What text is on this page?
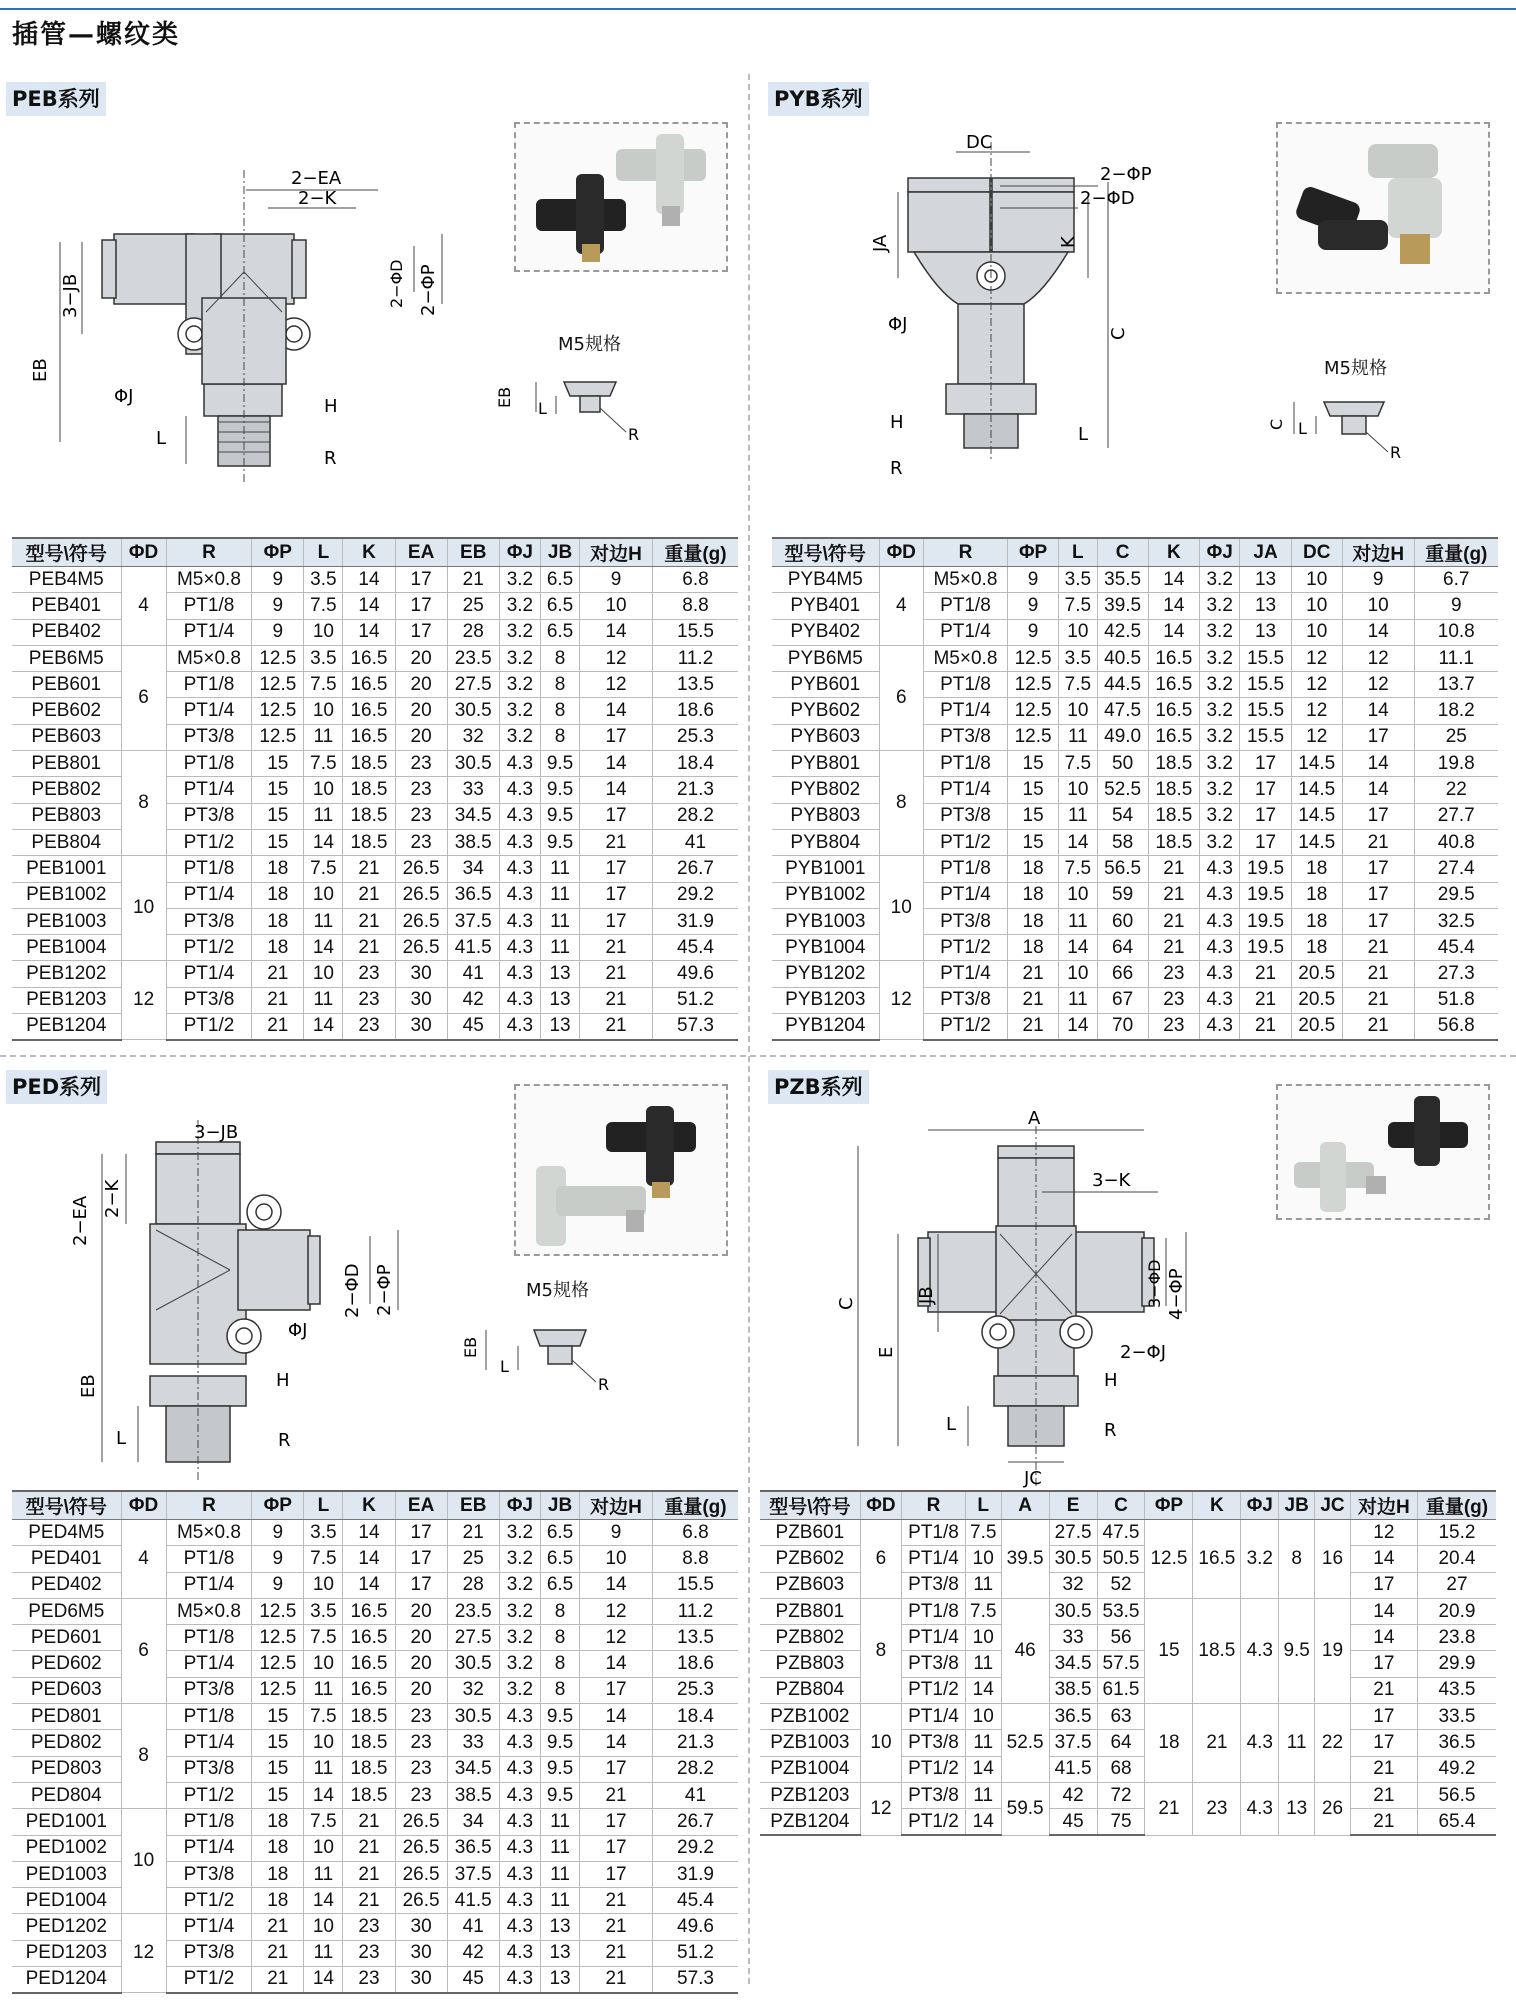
插管—螺纹类
PEB系列
2−EA
2−K
3−JB
EB
2−ΦD 2−ΦP
ΦJ	H
L
R
M5规格
EB
L
R
型号\符号	ΦD	R	ΦP	L	K	EA	EB	ΦJ	JB	对边H	重量(g)
PEB4M5	4	M5×0.8	9	3.5	14	17	21	3.2	6.5	9	6.8
PEB401		PT1/8	9	7.5	14	17	25	3.2	6.5	10	8.8
PEB402		PT1/4	9	10	14	17	28	3.2	6.5	14	15.5
PEB6M5	6	M5×0.8	12.5	3.5	16.5	20	23.5	3.2	8	12	11.2
PEB601		PT1/8	12.5	7.5	16.5	20	27.5	3.2	8	12	13.5
PEB602		PT1/4	12.5	10	16.5	20	30.5	3.2	8	14	18.6
PEB603		PT3/8	12.5	11	16.5	20	32	3.2	8	17	25.3
PEB801	8	PT1/8	15	7.5	18.5	23	30.5	4.3	9.5	14	18.4
PEB802		PT1/4	15	10	18.5	23	33	4.3	9.5	14	21.3
PEB803		PT3/8	15	11	18.5	23	34.5	4.3	9.5	17	28.2
PEB804		PT1/2	15	14	18.5	23	38.5	4.3	9.5	21	41
PEB1001	10	PT1/8	18	7.5	21	26.5	34	4.3	11	17	26.7
PEB1002		PT1/4	18	10	21	26.5	36.5	4.3	11	17	29.2
PEB1003		PT3/8	18	11	21	26.5	37.5	4.3	11	17	31.9
PEB1004		PT1/2	18	14	21	26.5	41.5	4.3	11	21	45.4
PEB1202	12	PT1/4	21	10	23	30	41	4.3	13	21	49.6
PEB1203		PT3/8	21	11	23	30	42	4.3	13	21	51.2
PEB1204		PT1/2	21	14	23	30	45	4.3	13	21	57.3
PYB系列
DC
2−ΦP
2−ΦD
JA	K
C
ΦJ
H
L
R
M5规格
C L
R
型号\符号	ΦD	R	ΦP	L	C	K	ΦJ	JA	DC	对边H	重量(g)
PYB4M5	4	M5×0.8	9	3.5	35.5	14	3.2	13	10	9	6.7
PYB401		PT1/8	9	7.5	39.5	14	3.2	13	10	10	9
PYB402		PT1/4	9	10	42.5	14	3.2	13	10	14	10.8
PYB6M5	6	M5×0.8	12.5	3.5	40.5	16.5	3.2	15.5	12	12	11.1
PYB601		PT1/8	12.5	7.5	44.5	16.5	3.2	15.5	12	12	13.7
PYB602		PT1/4	12.5	10	47.5	16.5	3.2	15.5	12	14	18.2
PYB603		PT3/8	12.5	11	49.0	16.5	3.2	15.5	12	17	25
PYB801	8	PT1/8	15	7.5	50	18.5	3.2	17	14.5	14	19.8
PYB802		PT1/4	15	10	52.5	18.5	3.2	17	14.5	14	22
PYB803		PT3/8	15	11	54	18.5	3.2	17	14.5	17	27.7
PYB804		PT1/2	15	14	58	18.5	3.2	17	14.5	21	40.8
PYB1001	10	PT1/8	18	7.5	56.5	21	4.3	19.5	18	17	27.4
PYB1002		PT1/4	18	10	59	21	4.3	19.5	18	17	29.5
PYB1003		PT3/8	18	11	60	21	4.3	19.5	18	17	32.5
PYB1004		PT1/2	18	14	64	21	4.3	19.5	18	21	45.4
PYB1202	12	PT1/4	21	10	66	23	4.3	21	20.5	21	27.3
PYB1203		PT3/8	21	11	67	23	4.3	21	20.5	21	51.8
PYB1204		PT1/2	21	14	70	23	4.3	21	20.5	21	56.8
PED系列
3−JB
2−EA 2−K
2−ΦD 2−ΦP
ΦJ
EB	H
L	R
M5规格
EB
L
R
型号\符号	ΦD	R	ΦP	L	K	EA	EB	ΦJ	JB	对边H	重量(g)
PED4M5	4	M5×0.8	9	3.5	14	17	21	3.2	6.5	9	6.8
PED401		PT1/8	9	7.5	14	17	25	3.2	6.5	10	8.8
PED402		PT1/4	9	10	14	17	28	3.2	6.5	14	15.5
PED6M5	6	M5×0.8	12.5	3.5	16.5	20	23.5	3.2	8	12	11.2
PED601		PT1/8	12.5	7.5	16.5	20	27.5	3.2	8	12	13.5
PED602		PT1/4	12.5	10	16.5	20	30.5	3.2	8	14	18.6
PED603		PT3/8	12.5	11	16.5	20	32	3.2	8	17	25.3
PED801	8	PT1/8	15	7.5	18.5	23	30.5	4.3	9.5	14	18.4
PED802		PT1/4	15	10	18.5	23	33	4.3	9.5	14	21.3
PED803		PT3/8	15	11	18.5	23	34.5	4.3	9.5	17	28.2
PED804		PT1/2	15	14	18.5	23	38.5	4.3	9.5	21	41
PED1001	10	PT1/8	18	7.5	21	26.5	34	4.3	11	17	26.7
PED1002		PT1/4	18	10	21	26.5	36.5	4.3	11	17	29.2
PED1003		PT3/8	18	11	21	26.5	37.5	4.3	11	17	31.9
PED1004		PT1/2	18	14	21	26.5	41.5	4.3	11	21	45.4
PED1202	12	PT1/4	21	10	23	30	41	4.3	13	21	49.6
PED1203		PT3/8	21	11	23	30	42	4.3	13	21	51.2
PED1204		PT1/2	21	14	23	30	45	4.3	13	21	57.3
PZB系列
A
3−K
3−ΦD 4−ΦP
C	JB
E	2−ΦJ
H
L	R
JC
型号\符号	ΦD	R	L	A	E	C	ΦP	K	ΦJ	JB	JC	对边H	重量(g)
PZB601	6	PT1/8	7.5	39.5	27.5	47.5	12.5	16.5	3.2	8	16	12	15.2
PZB602		PT1/4	10		30.5	50.5						14	20.4
PZB603		PT3/8	11		32	52						17	27
PZB801	8	PT1/8	7.5	46	30.5	53.5	15	18.5	4.3	9.5	19	14	20.9
PZB802		PT1/4	10		33	56						14	23.8
PZB803		PT3/8	11		34.5	57.5						17	29.9
PZB804		PT1/2	14		38.5	61.5						21	43.5
PZB1002	10	PT1/4	10	52.5	36.5	63	18	21	4.3	11	22	17	33.5
PZB1003		PT3/8	11		37.5	64						17	36.5
PZB1004		PT1/2	14		41.5	68						21	49.2
PZB1203	12	PT3/8	11	59.5	42	72	21	23	4.3	13	26	21	56.5
PZB1204		PT1/2	14		45	75						21	65.4
